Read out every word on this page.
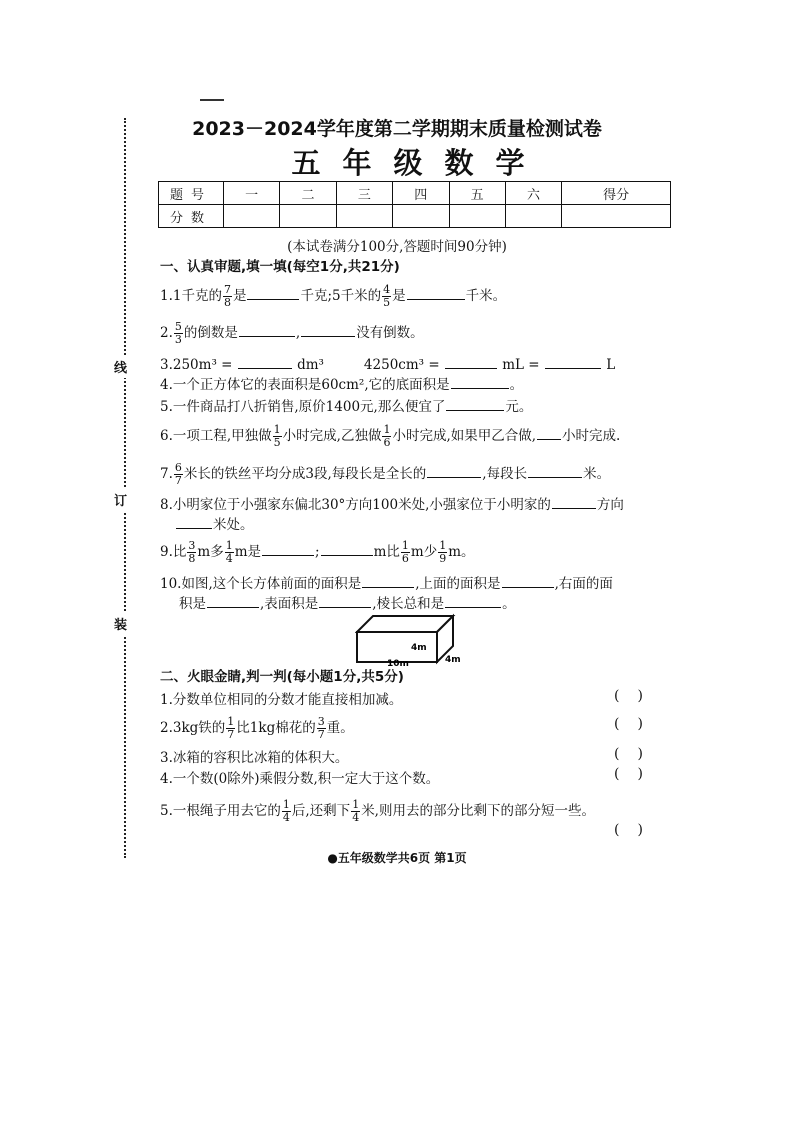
线
订
装
2023－2024学年度第二学期期末质量检测试卷
五年级数学
题号	一	二	三	四	五	六	得分
分数							
(本试卷满分100分,答题时间90分钟)
一、认真审题,填一填(每空1分,共21分)
1.1千克的 $\frac{7}{8}$ 是	千克;5千米的 $\frac{4}{5}$ 是	千米。
2. $\frac{5}{3}$ 的倒数是	,	没有倒数。
3.250m³ =	dm³	4250cm³ =	mL =	L
4.一个正方体它的表面积是60cm²,它的底面积是	。
5.一件商品打八折销售,原价1400元,那么便宜了	元。
6.一项工程,甲独做 $\frac{1}{5}$ 小时完成,乙独做 $\frac{1}{6}$ 小时完成,如果甲乙合做, 小时完成.
7. $\frac{6}{7}$ 米长的铁丝平均分成3段,每段长是全长的	,每段长	米。
8.小明家位于小强家东偏北30°方向100米处,小强家位于小明家的	方向
米处。
9.比 $\frac{3}{8}$ m多 $\frac{1}{4}$ m是	;	m比 $\frac{1}{6}$ m少 $\frac{1}{9}$ m。
10.如图,这个长方体前面的面积是	,上面的面积是	,右面的面
积是	,表面积是	,棱长总和是	。
4m
10m	4m
二、火眼金睛,判一判(每小题1分,共5分)
1.分数单位相同的分数才能直接相加减。	()
2.3kg铁的 $\frac{1}{7}$ 比1kg棉花的 $\frac{3}{7}$ 重。	()
3.冰箱的容积比冰箱的体积大。	()
4.一个数(0除外)乘假分数,积一定大于这个数。	()
5.一根绳子用去它的 $\frac{1}{4}$ 后,还剩下 $\frac{1}{4}$ 米,则用去的部分比剩下的部分短一些。
()
●五年级数学共6页 第1页
